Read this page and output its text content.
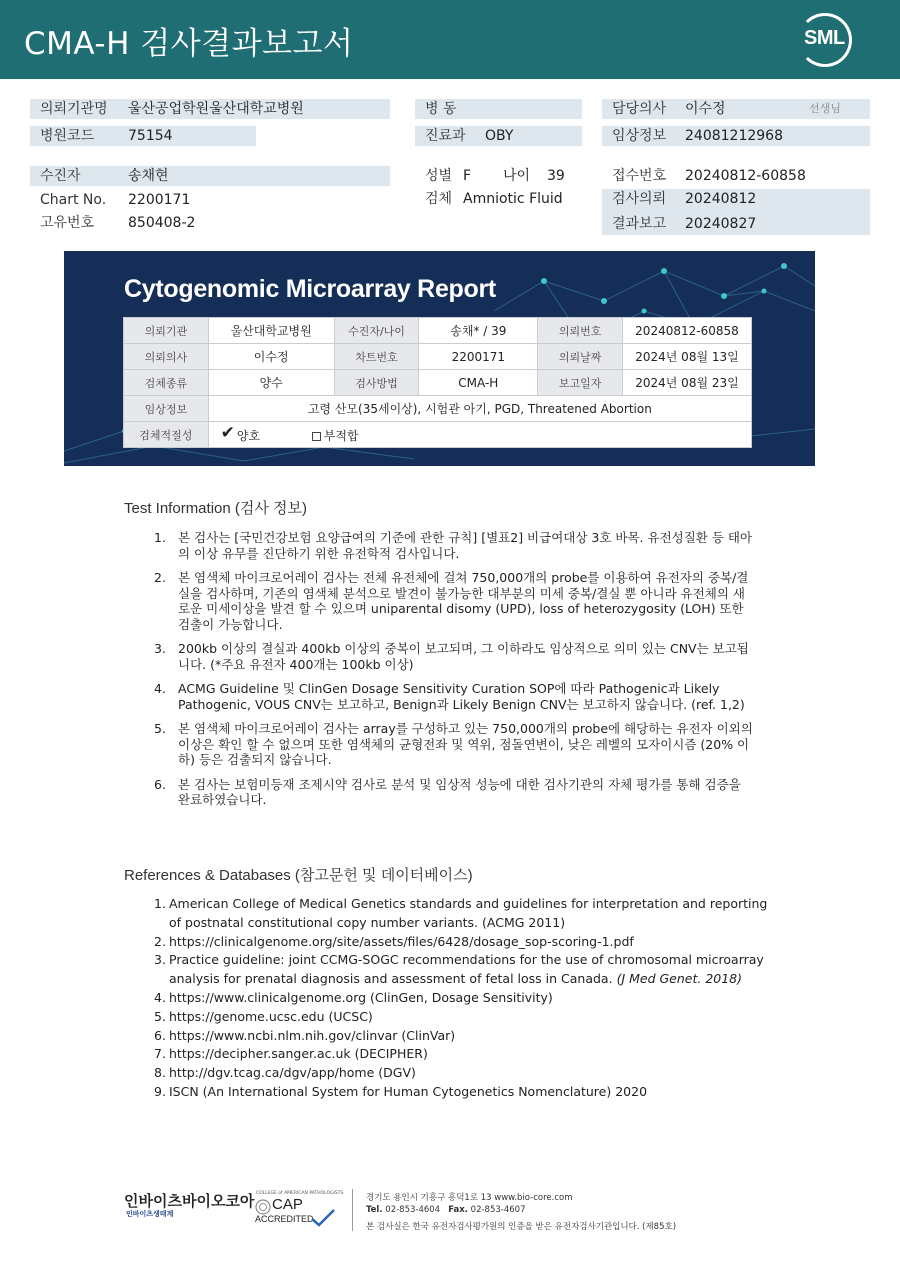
CMA-H 검사결과보고서	SML
의뢰기관명 울산공업학원울산대학교병원
병원코드 75154
병 동
진료과 OBY
담당의사 이수정	선생님
임상정보 24081212968
수진자	송채현
Chart No. 2200171
고유번호 850408-2
성별 F 나이 39
검체 Amniotic Fluid
접수번호 20240812-60858
검사의뢰 20240812
결과보고 20240827
Cytogenomic Microarray Report
의뢰기관	울산대학교병원	수진자/나이	송채* / 39	의뢰번호	20240812-60858
의뢰의사	이수정	차트번호	2200171	의뢰날짜	2024년 08월 13일
검체종류	양수	검사방법	CMA-H	보고일자	2024년 08월 23일
임상정보	고령 산모(35세이상), 시험관 아기, PGD, Threatened Abortion				
검체적절성	✔ 양호 부적합				
Test Information (검사 정보)
1. 본 검사는 [국민건강보험 요양급여의 기준에 관한 규칙] [별표2] 비급여대상 3호 바목. 유전성질환 등 태아의 이상 유무를 진단하기 위한 유전학적 검사입니다.
2. 본 염색체 마이크로어레이 검사는 전체 유전체에 걸쳐 750,000개의 probe를 이용하여 유전자의 중복/결실을 검사하며, 기존의 염색체 분석으로 발견이 불가능한 대부분의 미세 중복/결실 뿐 아니라 유전체의 새로운 미세이상을 발견 할 수 있으며 uniparental disomy (UPD), loss of heterozygosity (LOH) 또한 검출이 가능합니다.
3. 200kb 이상의 결실과 400kb 이상의 중복이 보고되며, 그 이하라도 임상적으로 의미 있는 CNV는 보고됩니다. (*주요 유전자 400개는 100kb 이상)
4. ACMG Guideline 및 ClinGen Dosage Sensitivity Curation SOP에 따라 Pathogenic과 Likely Pathogenic, VOUS CNV는 보고하고, Benign과 Likely Benign CNV는 보고하지 않습니다. (ref. 1,2)
5. 본 염색체 마이크로어레이 검사는 array를 구성하고 있는 750,000개의 probe에 해당하는 유전자 이외의 이상은 확인 할 수 없으며 또한 염색체의 균형전좌 및 역위, 점돌연변이, 낮은 레벨의 모자이시즘 (20% 이하) 등은 검출되지 않습니다.
6. 본 검사는 보험미등재 조제시약 검사로 분석 및 임상적 성능에 대한 검사기관의 자체 평가를 통해 검증을 완료하였습니다.
References & Databases (참고문헌 및 데이터베이스)
1. American College of Medical Genetics standards and guidelines for interpretation and reporting of postnatal constitutional copy number variants. (ACMG 2011)
2. https://clinicalgenome.org/site/assets/files/6428/dosage_sop-scoring-1.pdf
3. Practice guideline: joint CCMG-SOGC recommendations for the use of chromosomal microarray analysis for prenatal diagnosis and assessment of fetal loss in Canada. (J Med Genet. 2018)
4. https://www.clinicalgenome.org (ClinGen, Dosage Sensitivity)
5. https://genome.ucsc.edu (UCSC)
6. https://www.ncbi.nlm.nih.gov/clinvar (ClinVar)
7. https://decipher.sanger.ac.uk (DECIPHER)
8. http://dgv.tcag.ca/dgv/app/home (DGV)
9. ISCN (An International System for Human Cytogenetics Nomenclature) 2020
인바이츠바이오코아
인바이츠생태계
COLLEGE of AMERICAN PATHOLOGISTS
CAP
ACCREDITED
경기도 용인시 기흥구 흥덕1로 13 www.bio-core.com
Tel. 02-853-4604 Fax. 02-853-4607
본 검사실은 한국 유전자검사평가원의 인증을 받은 유전자검사기관입니다. (제85호)
